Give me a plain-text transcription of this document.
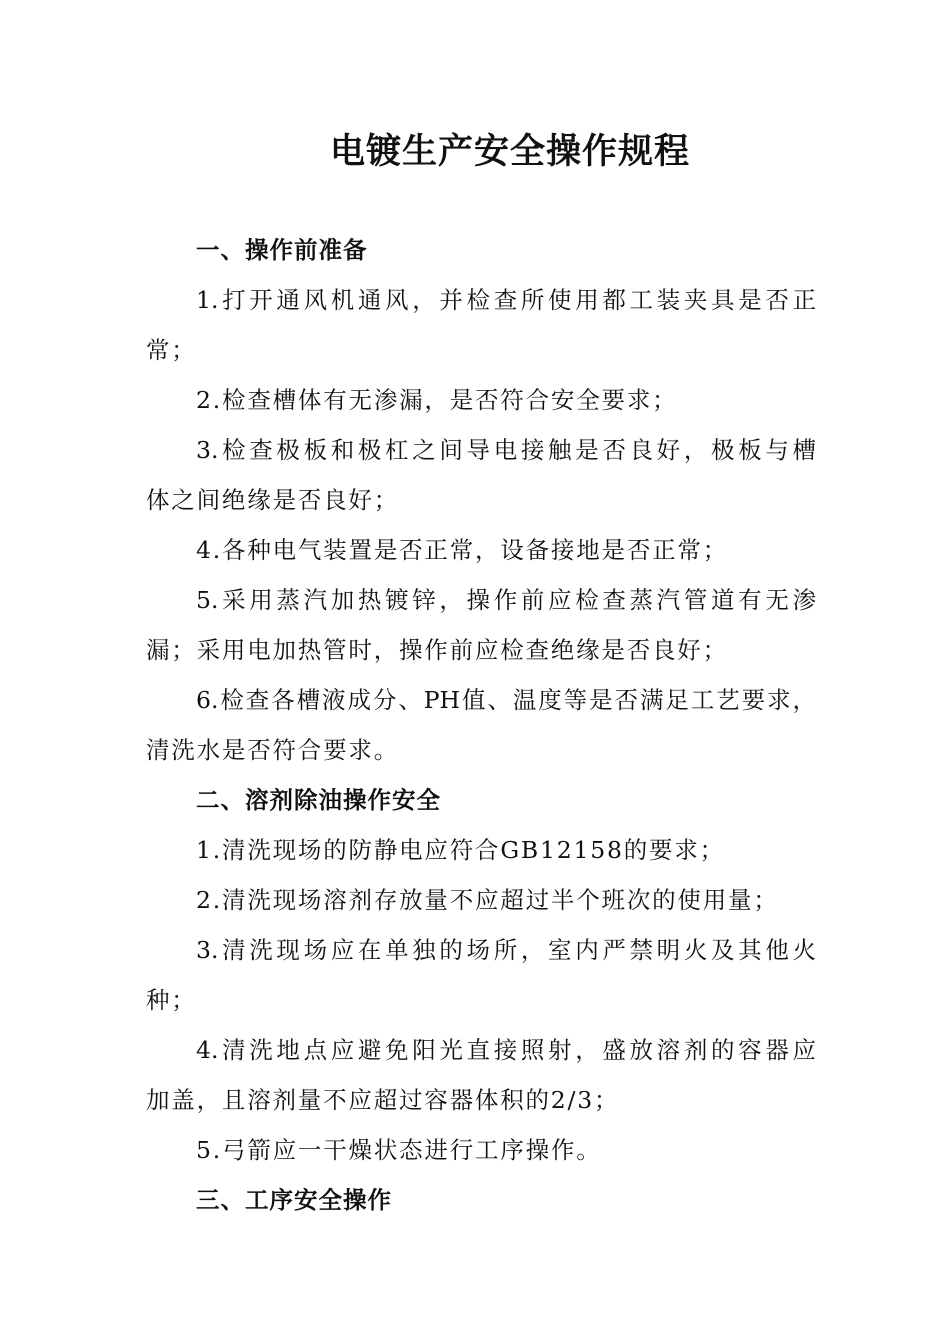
电镀生产安全操作规程
一、操作前准备
1.打开通风机通风，并检查所使用都工装夹具是否正
常；
2.检查槽体有无渗漏，是否符合安全要求；
3.检查极板和极杠之间导电接触是否良好，极板与槽
体之间绝缘是否良好；
4.各种电气装置是否正常，设备接地是否正常；
5.采用蒸汽加热镀锌，操作前应检查蒸汽管道有无渗
漏；采用电加热管时，操作前应检查绝缘是否良好；
6.检查各槽液成分、PH值、温度等是否满足工艺要求，
清洗水是否符合要求。
二、溶剂除油操作安全
1.清洗现场的防静电应符合GB12158的要求；
2.清洗现场溶剂存放量不应超过半个班次的使用量；
3.清洗现场应在单独的场所，室内严禁明火及其他火
种；
4.清洗地点应避免阳光直接照射，盛放溶剂的容器应
加盖，且溶剂量不应超过容器体积的2/3；
5.弓箭应一干燥状态进行工序操作。
三、工序安全操作
